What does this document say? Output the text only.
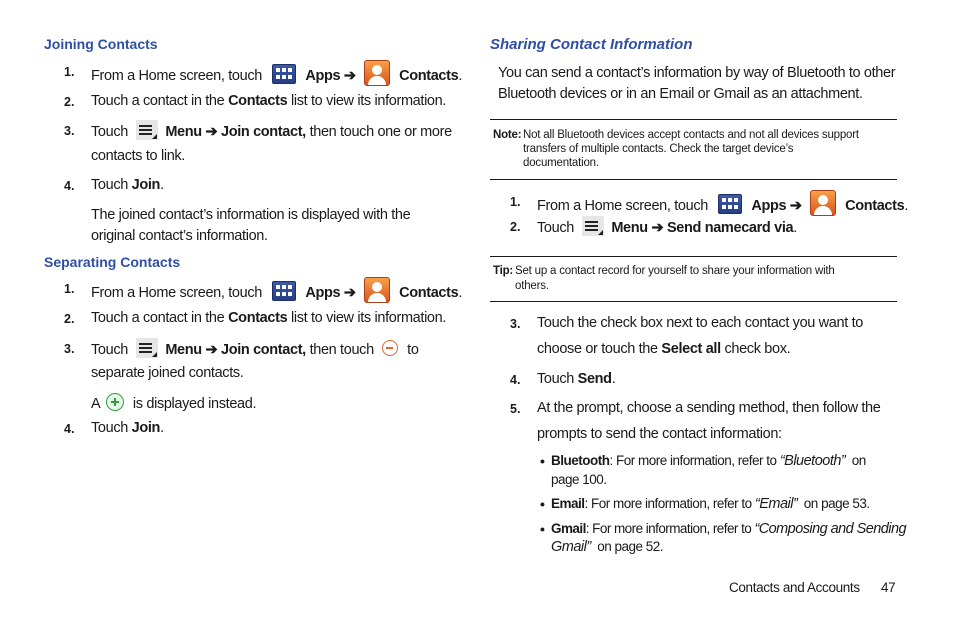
Joining Contacts
1. From a Home screen, touch	Apps ➔	Contacts.
2. Touch a contact in the Contacts list to view its information.
3. Touch	Menu ➔ Join contact, then touch one or more
contacts to link.
4. Touch Join.
The joined contact’s information is displayed with the
original contact’s information.
Separating Contacts
1. From a Home screen, touch	Apps ➔	Contacts.
2. Touch a contact in the Contacts list to view its information.
3. Touch	Menu ➔ Join contact, then touch to
separate joined contacts.
A is displayed instead.
4. Touch Join.
Sharing Contact Information
You can send a contact’s information by way of Bluetooth to other
Bluetooth devices or in an Email or Gmail as an attachment.
Note: Not all Bluetooth devices accept contacts and not all devices support
transfers of multiple contacts. Check the target device’s
documentation.
1. From a Home screen, touch	Apps ➔	Contacts.
2. Touch	Menu ➔ Send namecard via.
Tip: Set up a contact record for yourself to share your information with
others.
3. Touch the check box next to each contact you want to
choose or touch the Select all check box.
4. Touch Send.
5. At the prompt, choose a sending method, then follow the
prompts to send the contact information:
• Bluetooth: For more information, refer to “Bluetooth” on
page 100.
• Email: For more information, refer to “Email” on page 53.
• Gmail: For more information, refer to “Composing and Sending
Gmail” on page 52.
Contacts and Accounts 47
